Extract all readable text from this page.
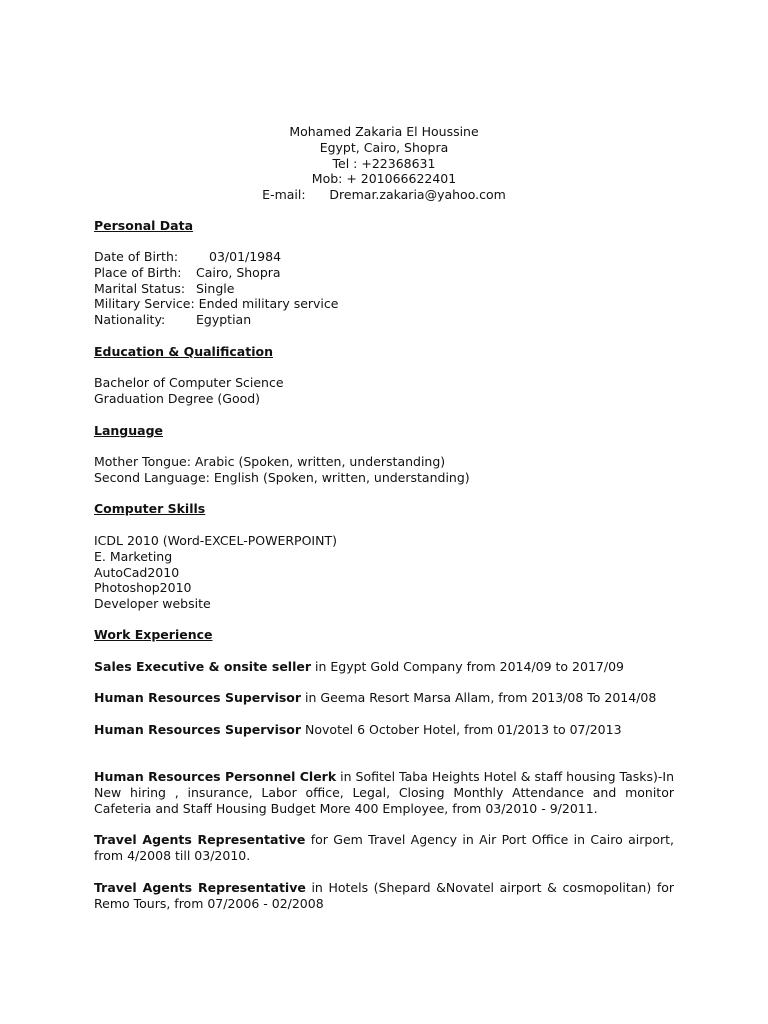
Mohamed Zakaria El Houssine
Egypt, Cairo, Shopra
Tel : +22368631
Mob: + 201066622401
E-mail: Dremar.zakaria@yahoo.com
Personal Data
Date of Birth: 03/01/1984
Place of Birth: Cairo, Shopra
Marital Status: Single
Military Service: Ended military service
Nationality: Egyptian
Education & Qualification
Bachelor of Computer Science
Graduation Degree (Good)
Language
Mother Tongue: Arabic (Spoken, written, understanding)
Second Language: English (Spoken, written, understanding)
Computer Skills
ICDL 2010 (Word-EXCEL-POWERPOINT)
E. Marketing
AutoCad2010
Photoshop2010
Developer website
Work Experience
Sales Executive & onsite seller in Egypt Gold Company from 2014/09 to 2017/09
Human Resources Supervisor in Geema Resort Marsa Allam, from 2013/08 To 2014/08
Human Resources Supervisor Novotel 6 October Hotel, from 01/2013 to 07/2013
Human Resources Personnel Clerk in Sofitel Taba Heights Hotel & staff housing Tasks)-In New hiring , insurance, Labor office, Legal, Closing Monthly Attendance and monitor Cafeteria and Staff Housing Budget More 400 Employee, from 03/2010 - 9/2011.
Travel Agents Representative for Gem Travel Agency in Air Port Office in Cairo airport, from 4/2008 till 03/2010.
Travel Agents Representative in Hotels (Shepard &Novatel airport & cosmopolitan) for Remo Tours, from 07/2006 - 02/2008
